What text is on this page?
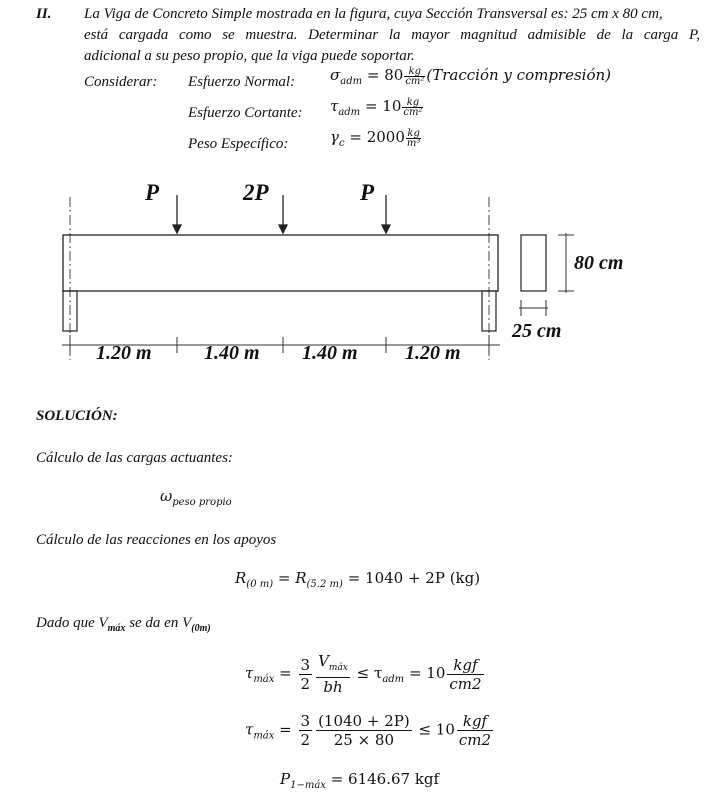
II. La Viga de Concreto Simple mostrada en la figura, cuya Sección Transversal es: 25 cm x 80 cm,
está cargada como se muestra. Determinar la mayor magnitud admisible de la carga P,
adicional a su peso propio, que la viga puede soportar.
Considerar: Esfuerzo Normal: $\sigma_{adm} = 80 \frac{kg}{\text{cm²}}$ (Tracción y compresión)
Esfuerzo Cortante: $\tau_{adm} = 10 \frac{kg}{\text{cm²}}$
Peso Específico:	$\gamma_c = 2000 \frac{kg}{\text{m³}}$
P	2P	P
1.20 m	1.40 m 1.40 m 1.20 m
80 cm
25 cm
SOLUCIÓN:
Cálculo de las cargas actuantes:
$\omega_{peso propio}$
Cálculo de las reacciones en los apoyos
$R_{(0 m)} = R_{(5.2 m)} = 1040 + 2P$ (kg)
Dado que $V_{máx}$ se da en $V_{(0m)}$
$\tau_{máx} = \frac{3}{2} V_{máx}$
bh
≤ $\tau_{adm} = 10$ kgf
cm2
$\tau_{máx} = \frac{3}{2} \frac{(1040 + 2P)}{25 \times 80} \le 10$ kgf
cm2
$P_{1-máx} = 6146.67$ kgf
